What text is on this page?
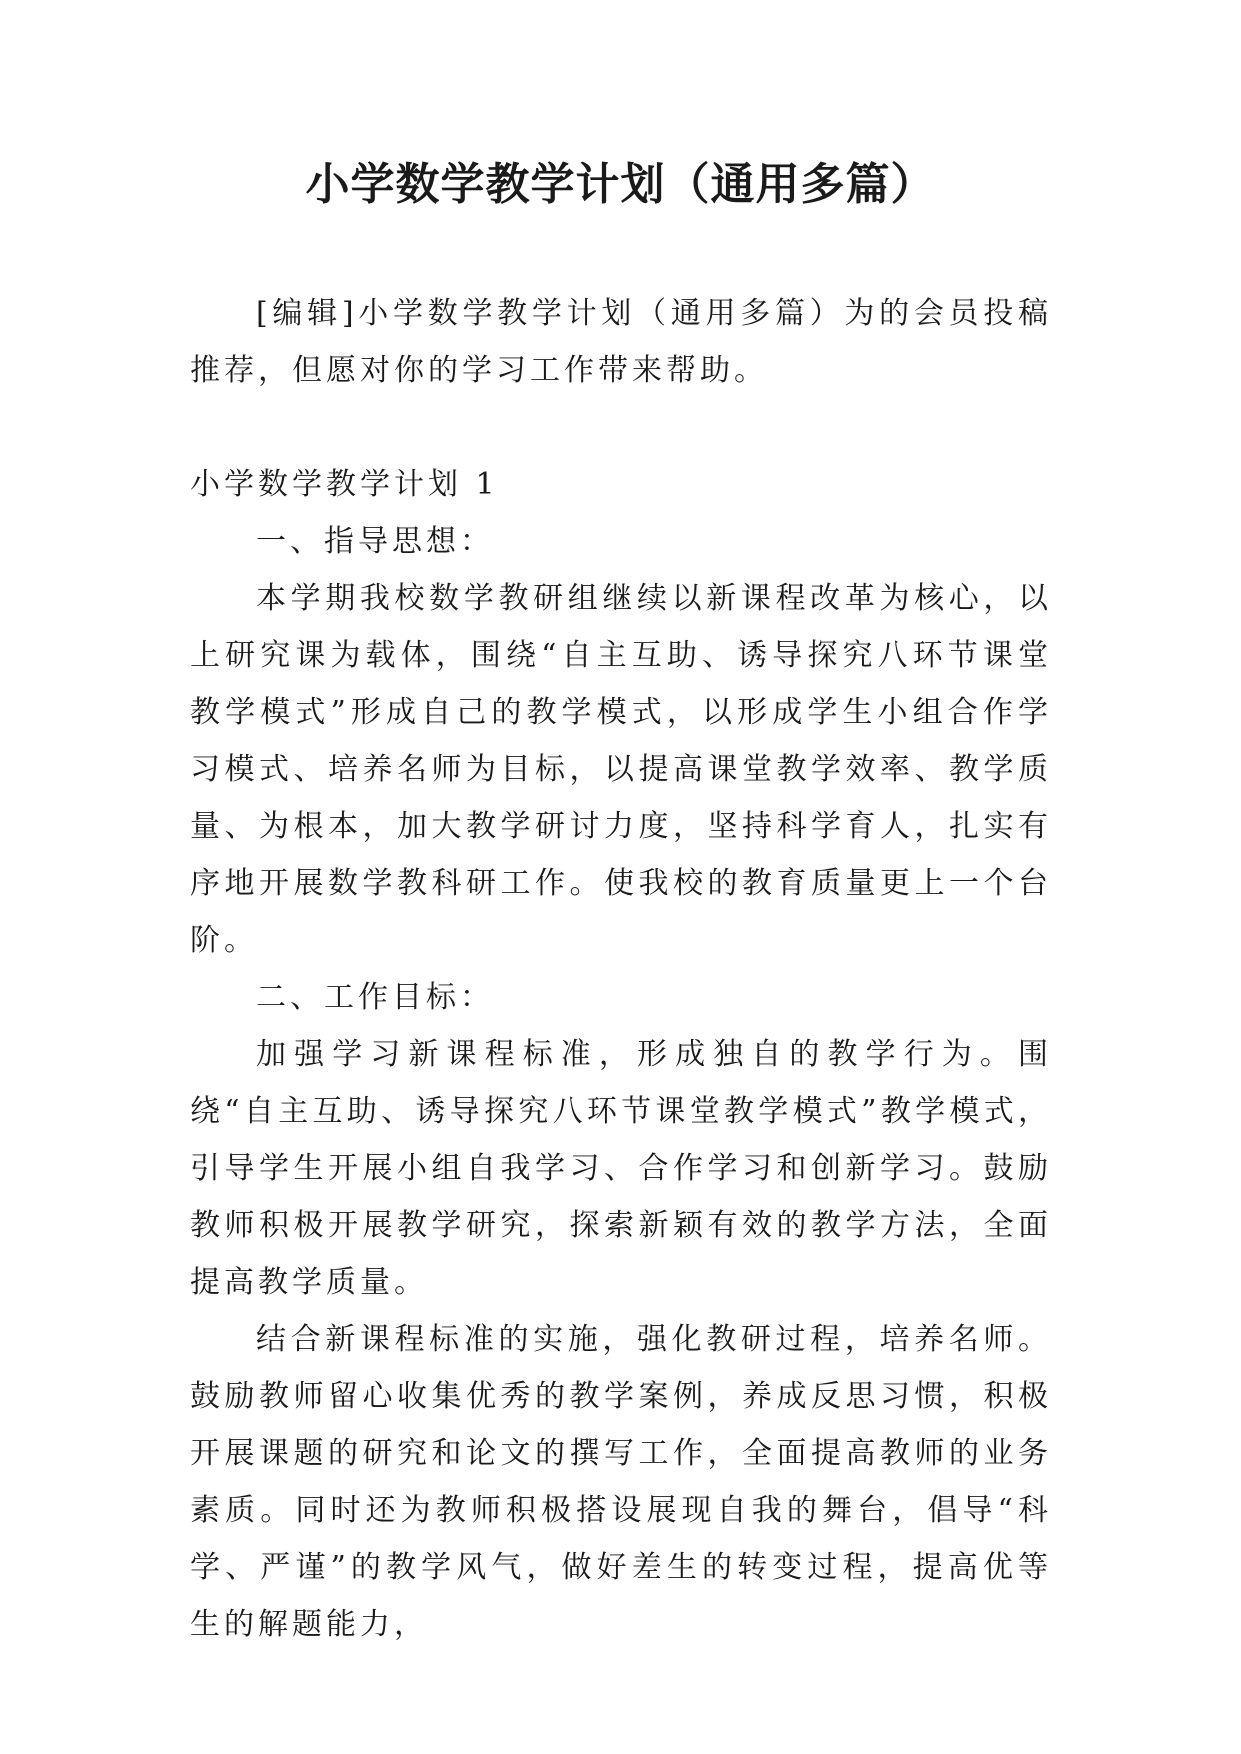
小学数学教学计划（通用多篇）

[编辑]小学数学教学计划（通用多篇）为的会员投稿推荐，但愿对你的学习工作带来帮助。

小学数学教学计划 1

一、指导思想：

本学期我校数学教研组继续以新课程改革为核心，以上研究课为载体，围绕“自主互助、诱导探究八环节课堂教学模式”形成自己的教学模式，以形成学生小组合作学习模式、培养名师为目标，以提高课堂教学效率、教学质量、为根本，加大教学研讨力度，坚持科学育人，扎实有序地开展数学教科研工作。使我校的教育质量更上一个台阶。

二、工作目标：

加强学习新课程标准，形成独自的教学行为。围绕“自主互助、诱导探究八环节课堂教学模式”教学模式，引导学生开展小组自我学习、合作学习和创新学习。鼓励教师积极开展教学研究，探索新颖有效的教学方法，全面提高教学质量。

结合新课程标准的实施，强化教研过程，培养名师。鼓励教师留心收集优秀的教学案例，养成反思习惯，积极开展课题的研究和论文的撰写工作，全面提高教师的业务素质。同时还为教师积极搭设展现自我的舞台，倡导“科学、严谨”的教学风气，做好差生的转变过程，提高优等生的解题能力，
